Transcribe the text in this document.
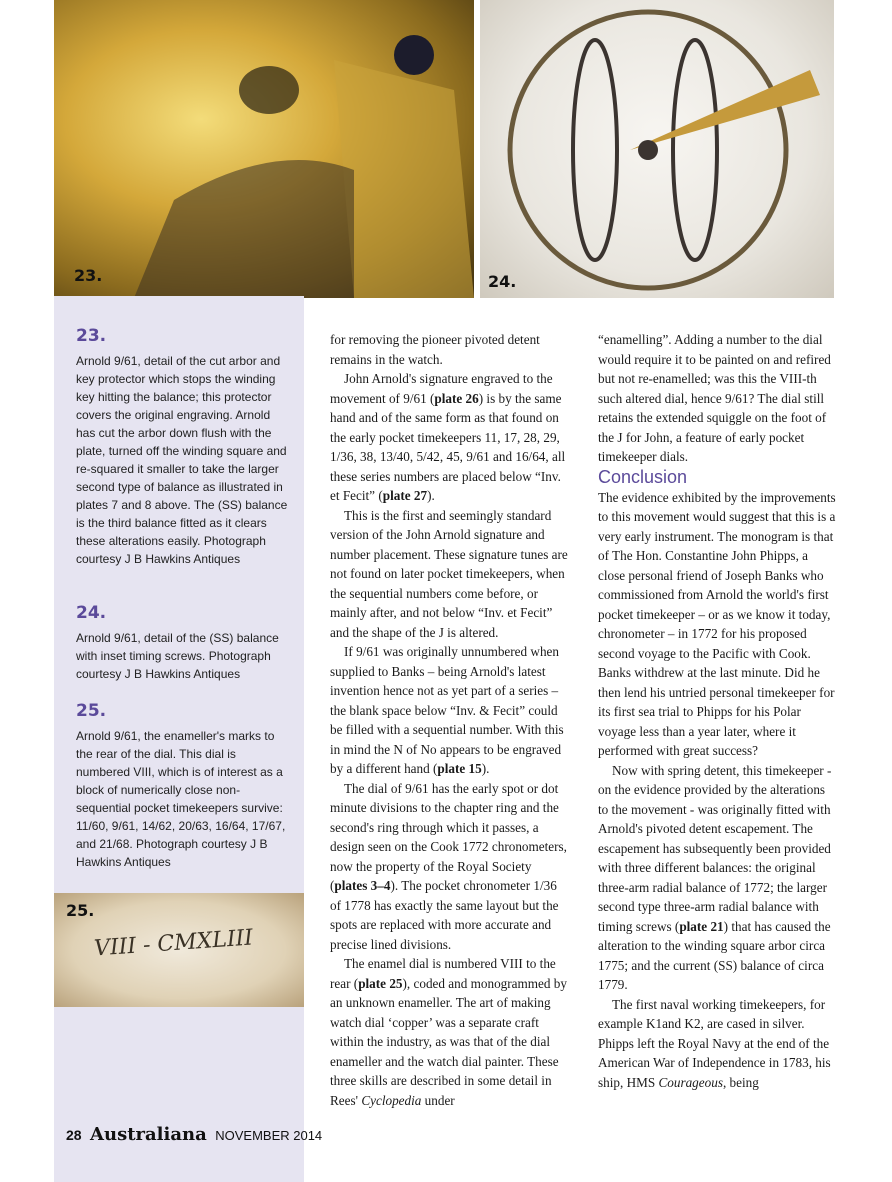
23.	24.

23.

Arnold 9/61, detail of the cut arbor and key protector which stops the winding key hitting the balance; this protector covers the original engraving. Arnold has cut the arbor down flush with the plate, turned off the winding square and re-squared it smaller to take the larger second type of balance as illustrated in plates 7 and 8 above. The (SS) balance is the third balance fitted as it clears these alterations easily. Photograph courtesy J B Hawkins Antiques

24.

Arnold 9/61, detail of the (SS) balance with inset timing screws. Photograph courtesy J B Hawkins Antiques

25.

Arnold 9/61, the enameller's marks to the rear of the dial. This dial is numbered VIII, which is of interest as a block of numerically close non-sequential pocket timekeepers survive: 11/60, 9/61, 14/62, 20/63, 16/64, 17/67, and 21/68. Photograph courtesy J B Hawkins Antiques

25.
VIII - CMXLIII

for removing the pioneer pivoted detent remains in the watch.

John Arnold's signature engraved to the movement of 9/61 (plate 26) is by the same hand and of the same form as that found on the early pocket timekeepers 11, 17, 28, 29, 1/36, 38, 13/40, 5/42, 45, 9/61 and 16/64, all these series numbers are placed below “Inv. et Fecit” (plate 27).

This is the first and seemingly standard version of the John Arnold signature and number placement. These signature tunes are not found on later pocket timekeepers, when the sequential numbers come before, or mainly after, and not below “Inv. et Fecit” and the shape of the J is altered.

If 9/61 was originally unnumbered when supplied to Banks – being Arnold's latest invention hence not as yet part of a series – the blank space below “Inv. & Fecit” could be filled with a sequential number. With this in mind the N of No appears to be engraved by a different hand (plate 15).

The dial of 9/61 has the early spot or dot minute divisions to the chapter ring and the second's ring through which it passes, a design seen on the Cook 1772 chronometers, now the property of the Royal Society (plates 3–4). The pocket chronometer 1/36 of 1778 has exactly the same layout but the spots are replaced with more accurate and precise lined divisions.

The enamel dial is numbered VIII to the rear (plate 25), coded and monogrammed by an unknown enameller. The art of making watch dial ‘copper’ was a separate craft within the industry, as was that of the dial enameller and the watch dial painter. These three skills are described in some detail in Rees' Cyclopedia under

“enamelling”. Adding a number to the dial would require it to be painted on and refired but not re-enamelled; was this the VIII-th such altered dial, hence 9/61? The dial still retains the extended squiggle on the foot of the J for John, a feature of early pocket timekeeper dials.

Conclusion

The evidence exhibited by the improvements to this movement would suggest that this is a very early instrument. The monogram is that of The Hon. Constantine John Phipps, a close personal friend of Joseph Banks who commissioned from Arnold the world's first pocket timekeeper – or as we know it today, chronometer – in 1772 for his proposed second voyage to the Pacific with Cook. Banks withdrew at the last minute. Did he then lend his untried personal timekeeper for its first sea trial to Phipps for his Polar voyage less than a year later, where it performed with great success?

Now with spring detent, this timekeeper - on the evidence provided by the alterations to the movement - was originally fitted with Arnold's pivoted detent escapement. The escapement has subsequently been provided with three different balances: the original three-arm radial balance of 1772; the larger second type three-arm radial balance with timing screws (plate 21) that has caused the alteration to the winding square arbor circa 1775; and the current (SS) balance of circa 1779.

The first naval working timekeepers, for example K1and K2, are cased in silver. Phipps left the Royal Navy at the end of the American War of Independence in 1783, his ship, HMS Courageous, being

28 Australiana NOVEMBER 2014
